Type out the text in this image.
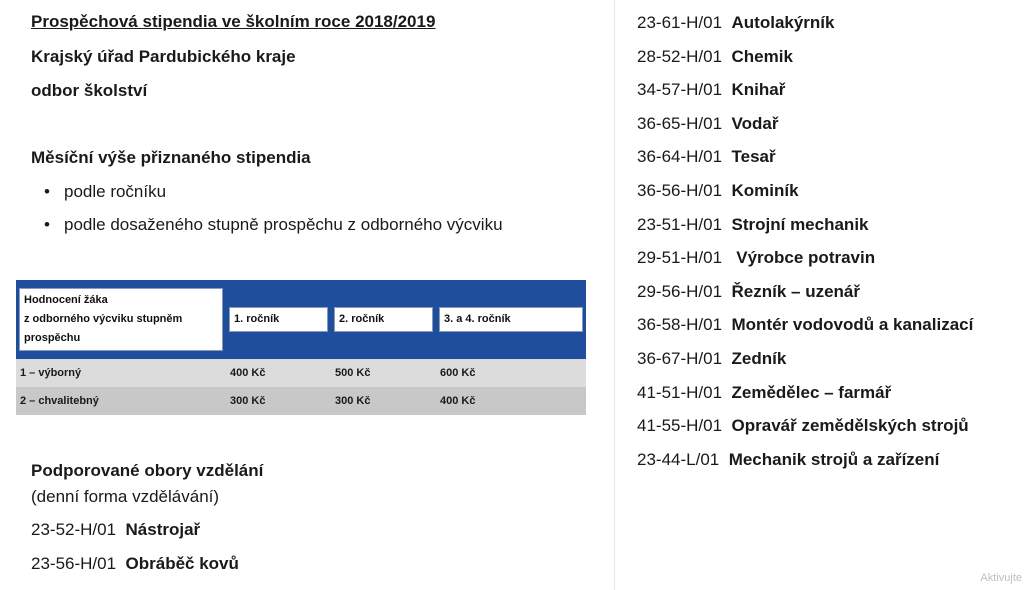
Prospěchová stipendia ve školním roce 2018/2019
Krajský úřad Pardubického kraje
odbor školství
Měsíční výše přiznaného stipendia
• podle ročníku
• podle dosaženého stupně prospěchu z odborného výcviku
Hodnocení žáka
z odborného výcviku stupněm
prospěchu	1. ročník	2. ročník	3. a 4. ročník

1 – výborný	400 Kč	500 Kč	600 Kč
2 – chvalitebný	300 Kč	300 Kč	400 Kč
Podporované obory vzdělání
(denní forma vzdělávání)
23-52-H/01 Nástrojař
23-56-H/01 Obráběč kovů
23-61-H/01 Autolakýrník
28-52-H/01 Chemik
34-57-H/01 Knihař
36-65-H/01 Vodař
36-64-H/01 Tesař
36-56-H/01 Kominík
23-51-H/01 Strojní mechanik
29-51-H/01   Výrobce potravin
29-56-H/01 Řezník – uzenář
36-58-H/01 Montér vodovodů a kanalizací
36-67-H/01 Zedník
41-51-H/01 Zemědělec – farmář
41-55-H/01 Opravář zemědělských strojů
23-44-L/01 Mechanik strojů a zařízení
Aktivujte
